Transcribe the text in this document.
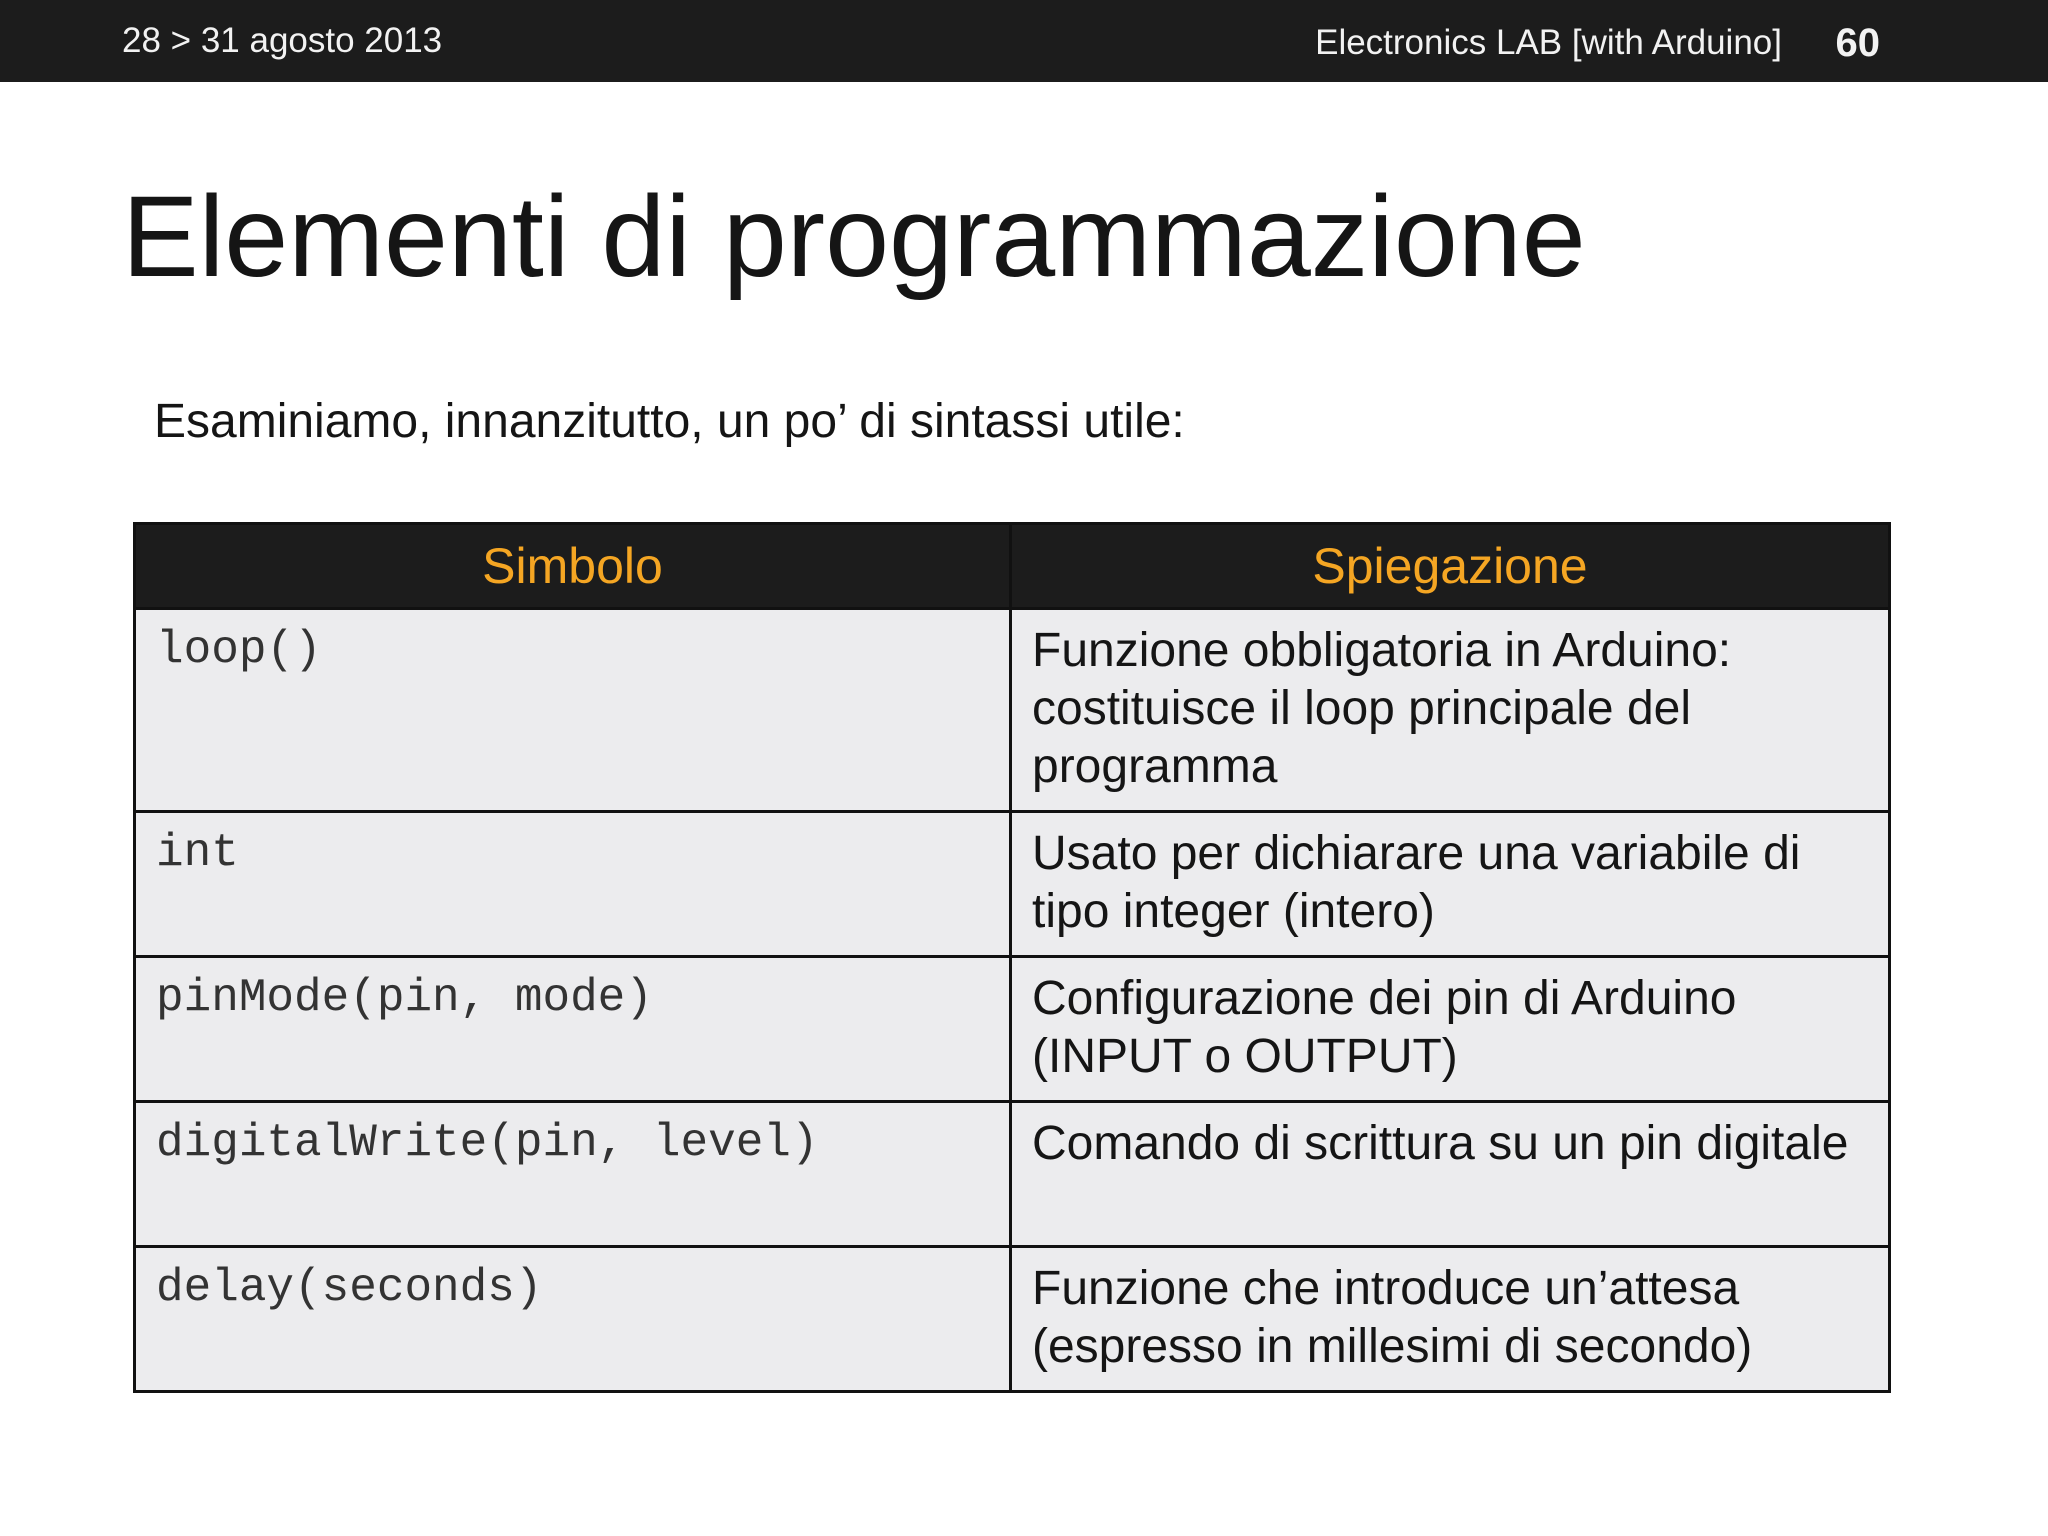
28 > 31 agosto 2013	Electronics LAB [with Arduino] 60
Elementi di programmazione

Esaminiamo, innanzitutto, un po’ di sintassi utile:

Simbolo	Spiegazione
loop()	Funzione obbligatoria in Arduino: costituisce il loop principale del programma
int	Usato per dichiarare una variabile di tipo integer (intero)
pinMode(pin, mode)	Configurazione dei pin di Arduino (INPUT o OUTPUT)
digitalWrite(pin, level)	Comando di scrittura su un pin digitale
delay(seconds)	Funzione che introduce un’attesa (espresso in millesimi di secondo)
